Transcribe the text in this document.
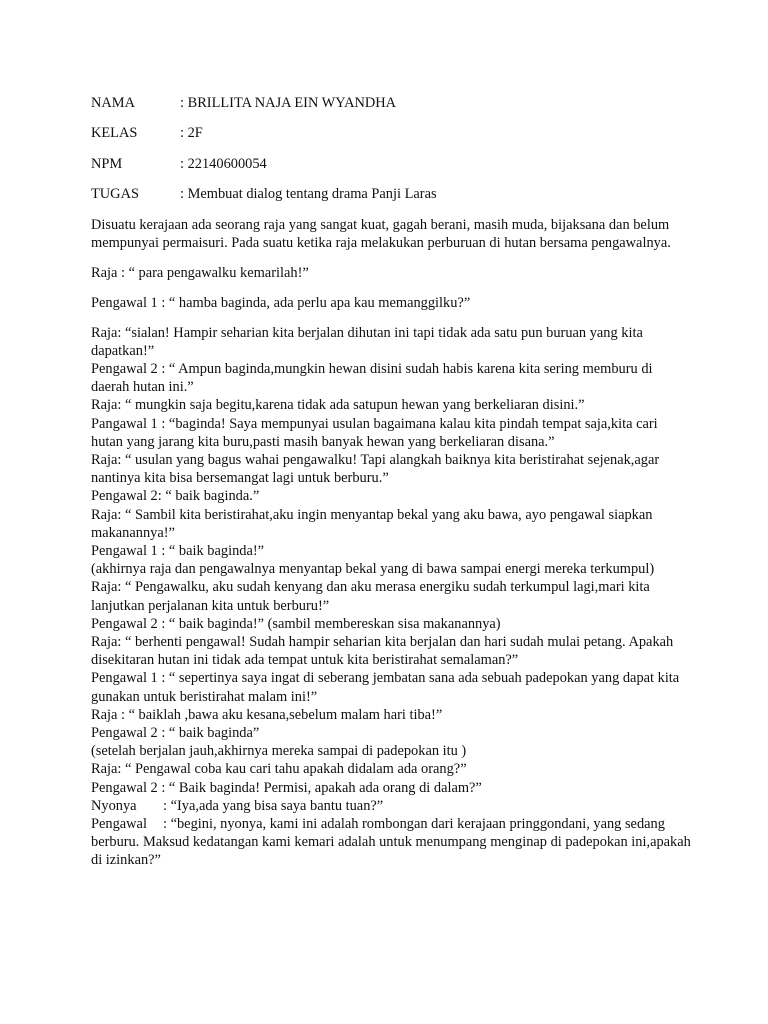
NAMA	: BRILLITA NAJA EIN WYANDHA
KELAS	: 2F
NPM	: 22140600054
TUGAS	: Membuat dialog tentang drama Panji Laras

Disuatu kerajaan ada seorang raja yang sangat kuat, gagah berani, masih muda, bijaksana dan belum mempunyai permaisuri. Pada suatu ketika raja melakukan perburuan di hutan bersama pengawalnya.

Raja : “ para pengawalku kemarilah!”

Pengawal 1 : “ hamba baginda, ada perlu apa kau memanggilku?”

Raja: “sialan! Hampir seharian kita berjalan dihutan ini tapi tidak ada satu pun buruan yang kita dapatkan!”
Pengawal 2 : “ Ampun baginda,mungkin hewan disini sudah habis karena kita sering memburu di daerah hutan ini.”
Raja: “ mungkin saja begitu,karena tidak ada satupun hewan yang berkeliaran disini.”
Pangawal 1 : “baginda! Saya mempunyai usulan bagaimana kalau kita pindah tempat saja,kita cari hutan yang jarang kita buru,pasti masih banyak hewan yang berkeliaran disana.”
Raja: “ usulan yang bagus wahai pengawalku! Tapi alangkah baiknya kita beristirahat sejenak,agar nantinya kita bisa bersemangat lagi untuk berburu.”
Pengawal 2: “ baik baginda.”
Raja: “ Sambil kita beristirahat,aku ingin menyantap bekal yang aku bawa, ayo pengawal siapkan makanannya!”
Pengawal 1 : “ baik baginda!”
(akhirnya raja dan pengawalnya menyantap bekal yang di bawa sampai energi mereka terkumpul)
Raja: “ Pengawalku, aku sudah kenyang dan aku merasa energiku sudah terkumpul lagi,mari kita lanjutkan perjalanan kita untuk berburu!”
Pengawal 2 : “ baik baginda!” (sambil membereskan sisa makanannya)
Raja: “ berhenti pengawal! Sudah hampir seharian kita berjalan dan hari sudah mulai petang. Apakah disekitaran hutan ini tidak ada tempat untuk kita beristirahat semalaman?”
Pengawal 1 : “ sepertinya saya ingat di seberang jembatan sana ada sebuah padepokan yang dapat kita gunakan untuk beristirahat malam ini!”
Raja : “ baiklah ,bawa aku kesana,sebelum malam hari tiba!”
Pengawal 2 : “ baik baginda”
(setelah berjalan jauh,akhirnya mereka sampai di padepokan itu )
Raja: “ Pengawal coba kau cari tahu apakah didalam ada orang?”
Pengawal 2 : “ Baik baginda! Permisi, apakah ada orang di dalam?”
Nyonya : “Iya,ada yang bisa saya bantu tuan?”
Pengawal : “begini, nyonya, kami ini adalah rombongan dari kerajaan pringgondani, yang sedang berburu. Maksud kedatangan kami kemari adalah untuk menumpang menginap di padepokan ini,apakah di izinkan?”
